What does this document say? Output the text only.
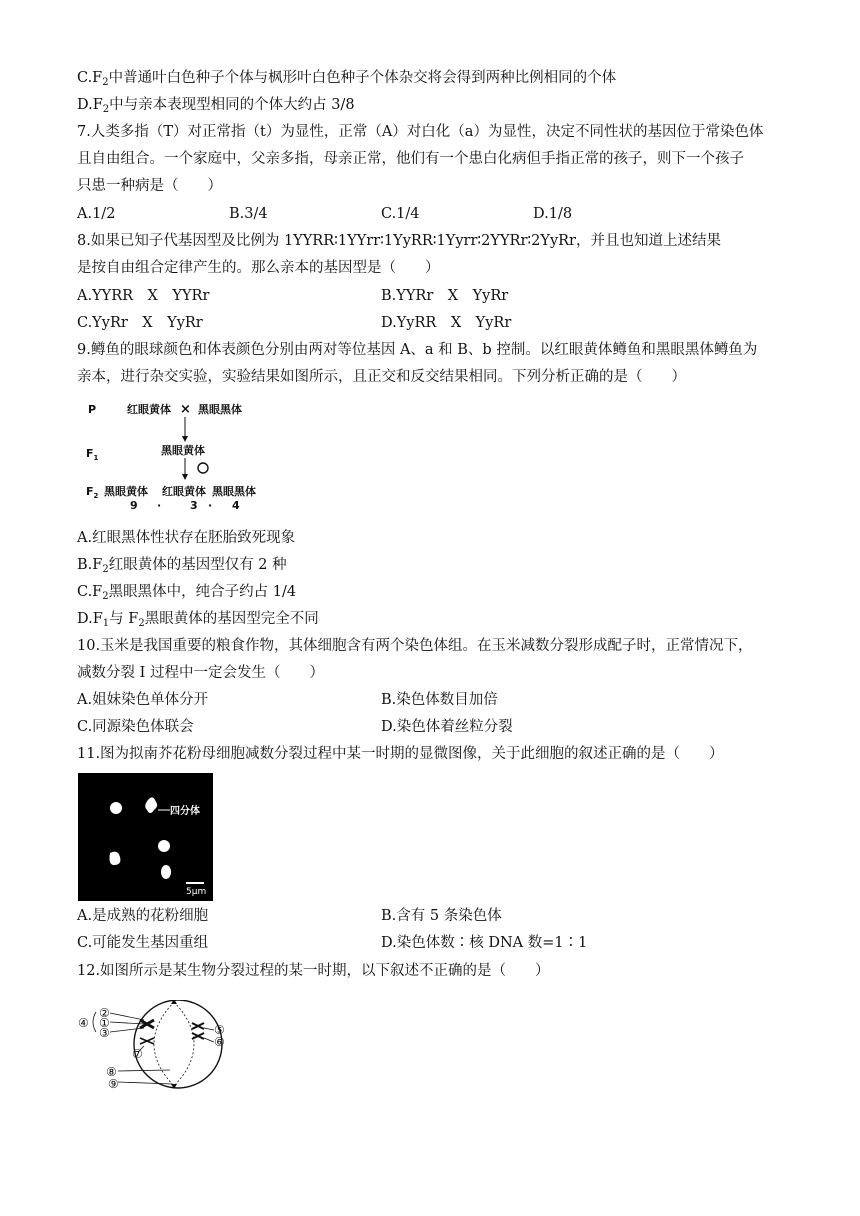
$C.F_2$中普通叶白色种子个体与枫形叶白色种子个体杂交将会得到两种比例相同的个体
$D.F_2$中与亲本表现型相同的个体大约占 3/8
7.人类多指（T）对正常指（t）为显性，正常（A）对白化（a）为显性，决定不同性状的基因位于常染色体
且自由组合。一个家庭中，父亲多指，母亲正常，他们有一个患白化病但手指正常的孩子，则下一个孩子
只患一种病是（　　）
A.1/2	B.3/4	C.1/4	D.1/8
8.如果已知子代基因型及比例为 1YYRR∶1YYrr∶1YyRR∶1Yyrr∶2YYRr∶2YyRr，并且也知道上述结果
是按自由组合定律产生的。那么亲本的基因型是（　　）
A.YYRR　X　YYRr	B.YYRr　X　YyRr
C.YyRr　X　YyRr	D.YyRR　X　YyRr
9.鳟鱼的眼球颜色和体表颜色分别由两对等位基因 A、a 和 B、b 控制。以红眼黄体鳟鱼和黑眼黑体鳟鱼为
亲本，进行杂交实验，实验结果如图所示，且正交和反交结果相同。下列分析正确的是（　　）
P
$F_1$
$F_2$
红眼黄体 × 黑眼黑体
黑眼黄体
黑眼黄体 红眼黄体 黑眼黑体
9 ·	3 · 4
A.红眼黑体性状存在胚胎致死现象
$B.F_2$红眼黄体的基因型仅有 2 种
$C.F_2$黑眼黑体中，纯合子约占 1/4
$D.F_1$与 $F_2$黑眼黄体的基因型完全不同
10.玉米是我国重要的粮食作物，其体细胞含有两个染色体组。在玉米减数分裂形成配子时，正常情况下，
减数分裂 I 过程中一定会发生（　　）
A.姐妹染色单体分开	B.染色体数目加倍
C.同源染色体联会	D.染色体着丝粒分裂
11.图为拟南芥花粉母细胞减数分裂过程中某一时期的显微图像，关于此细胞的叙述正确的是（　　）
四分体
5μm
A.是成熟的花粉细胞	B.含有 5 条染色体
C.可能发生基因重组	D.染色体数∶核 DNA 数=1∶1
12.如图所示是某生物分裂过程的某一时期，以下叙述不正确的是（　　）
②
①
③
④	⑤
⑥
⑦
⑧
⑨
